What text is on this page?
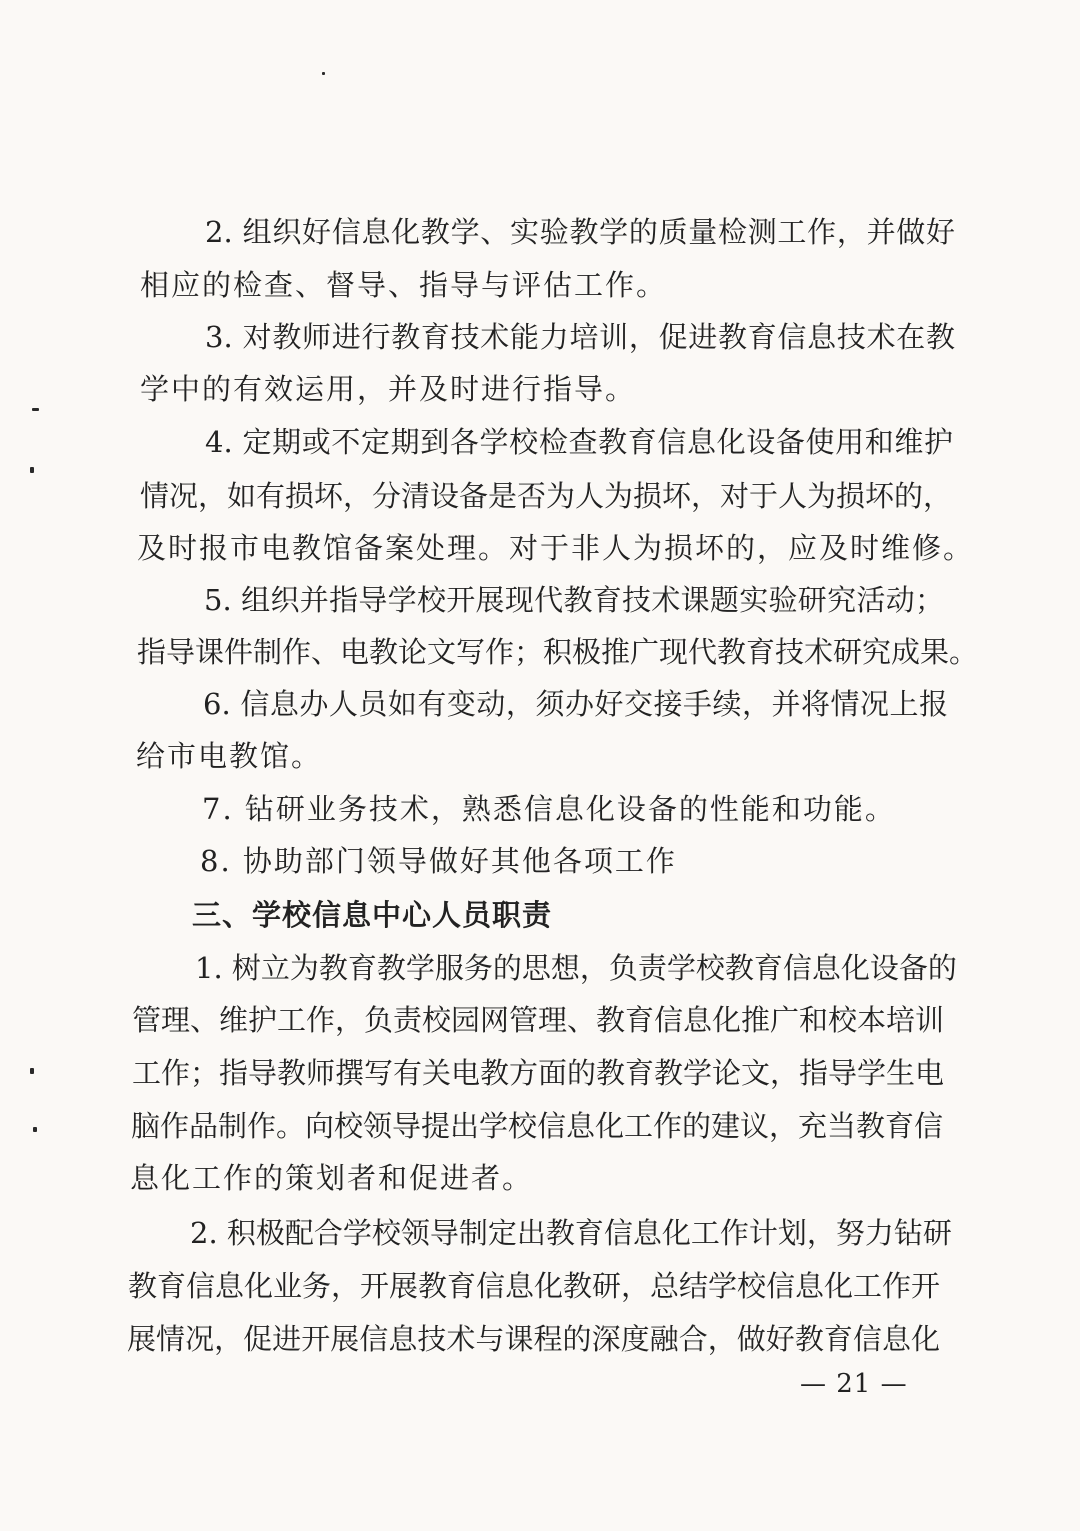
2. 组织好信息化教学、实验教学的质量检测工作，并做好
相应的检查、督导、指导与评估工作。
3. 对教师进行教育技术能力培训，促进教育信息技术在教
学中的有效运用，并及时进行指导。
4. 定期或不定期到各学校检查教育信息化设备使用和维护
情况，如有损坏，分清设备是否为人为损坏，对于人为损坏的，
及时报市电教馆备案处理。对于非人为损坏的，应及时维修。
5. 组织并指导学校开展现代教育技术课题实验研究活动；
指导课件制作、电教论文写作；积极推广现代教育技术研究成果。
6. 信息办人员如有变动，须办好交接手续，并将情况上报
给市电教馆。
7. 钻研业务技术，熟悉信息化设备的性能和功能。
8. 协助部门领导做好其他各项工作
三、学校信息中心人员职责
1. 树立为教育教学服务的思想，负责学校教育信息化设备的
管理、维护工作，负责校园网管理、教育信息化推广和校本培训
工作；指导教师撰写有关电教方面的教育教学论文，指导学生电
脑作品制作。向校领导提出学校信息化工作的建议，充当教育信
息化工作的策划者和促进者。
2. 积极配合学校领导制定出教育信息化工作计划，努力钻研
教育信息化业务，开展教育信息化教研，总结学校信息化工作开
展情况，促进开展信息技术与课程的深度融合，做好教育信息化
— 21 —
